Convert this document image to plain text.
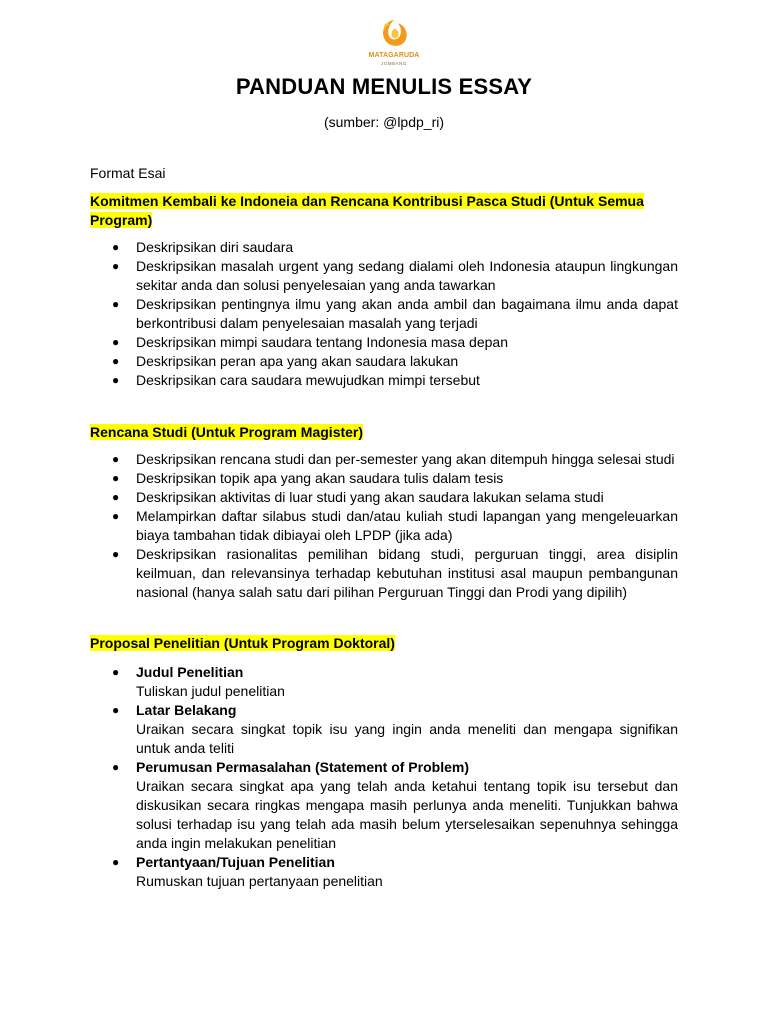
MATAGARUDA
JOMBANG
PANDUAN MENULIS ESSAY
(sumber: @lpdp_ri)

Format Esai

Komitmen Kembali ke Indoneia dan Rencana Kontribusi Pasca Studi (Untuk Semua Program)

● Deskripsikan diri saudara
● Deskripsikan masalah urgent yang sedang dialami oleh Indonesia ataupun lingkungan sekitar anda dan solusi penyelesaian yang anda tawarkan
● Deskripsikan pentingnya ilmu yang akan anda ambil dan bagaimana ilmu anda dapat berkontribusi dalam penyelesaian masalah yang terjadi
● Deskripsikan mimpi saudara tentang Indonesia masa depan
● Deskripsikan peran apa yang akan saudara lakukan
● Deskripsikan cara saudara mewujudkan mimpi tersebut

Rencana Studi (Untuk Program Magister)

● Deskripsikan rencana studi dan per-semester yang akan ditempuh hingga selesai studi
● Deskripsikan topik apa yang akan saudara tulis dalam tesis
● Deskripsikan aktivitas di luar studi yang akan saudara lakukan selama studi
● Melampirkan daftar silabus studi dan/atau kuliah studi lapangan yang mengeleuarkan biaya tambahan tidak dibiayai oleh LPDP (jika ada)
● Deskripsikan rasionalitas pemilihan bidang studi, perguruan tinggi, area disiplin keilmuan, dan relevansinya terhadap kebutuhan institusi asal maupun pembangunan nasional (hanya salah satu dari pilihan Perguruan Tinggi dan Prodi yang dipilih)

Proposal Penelitian (Untuk Program Doktoral)

● Judul Penelitian
Tuliskan judul penelitian
● Latar Belakang
Uraikan secara singkat topik isu yang ingin anda meneliti dan mengapa signifikan untuk anda teliti
● Perumusan Permasalahan (Statement of Problem)
Uraikan secara singkat apa yang telah anda ketahui tentang topik isu tersebut dan diskusikan secara ringkas mengapa masih perlunya anda meneliti. Tunjukkan bahwa solusi terhadap isu yang telah ada masih belum yterselesaikan sepenuhnya sehingga anda ingin melakukan penelitian
● Pertantyaan/Tujuan Penelitian
Rumuskan tujuan pertanyaan penelitian
